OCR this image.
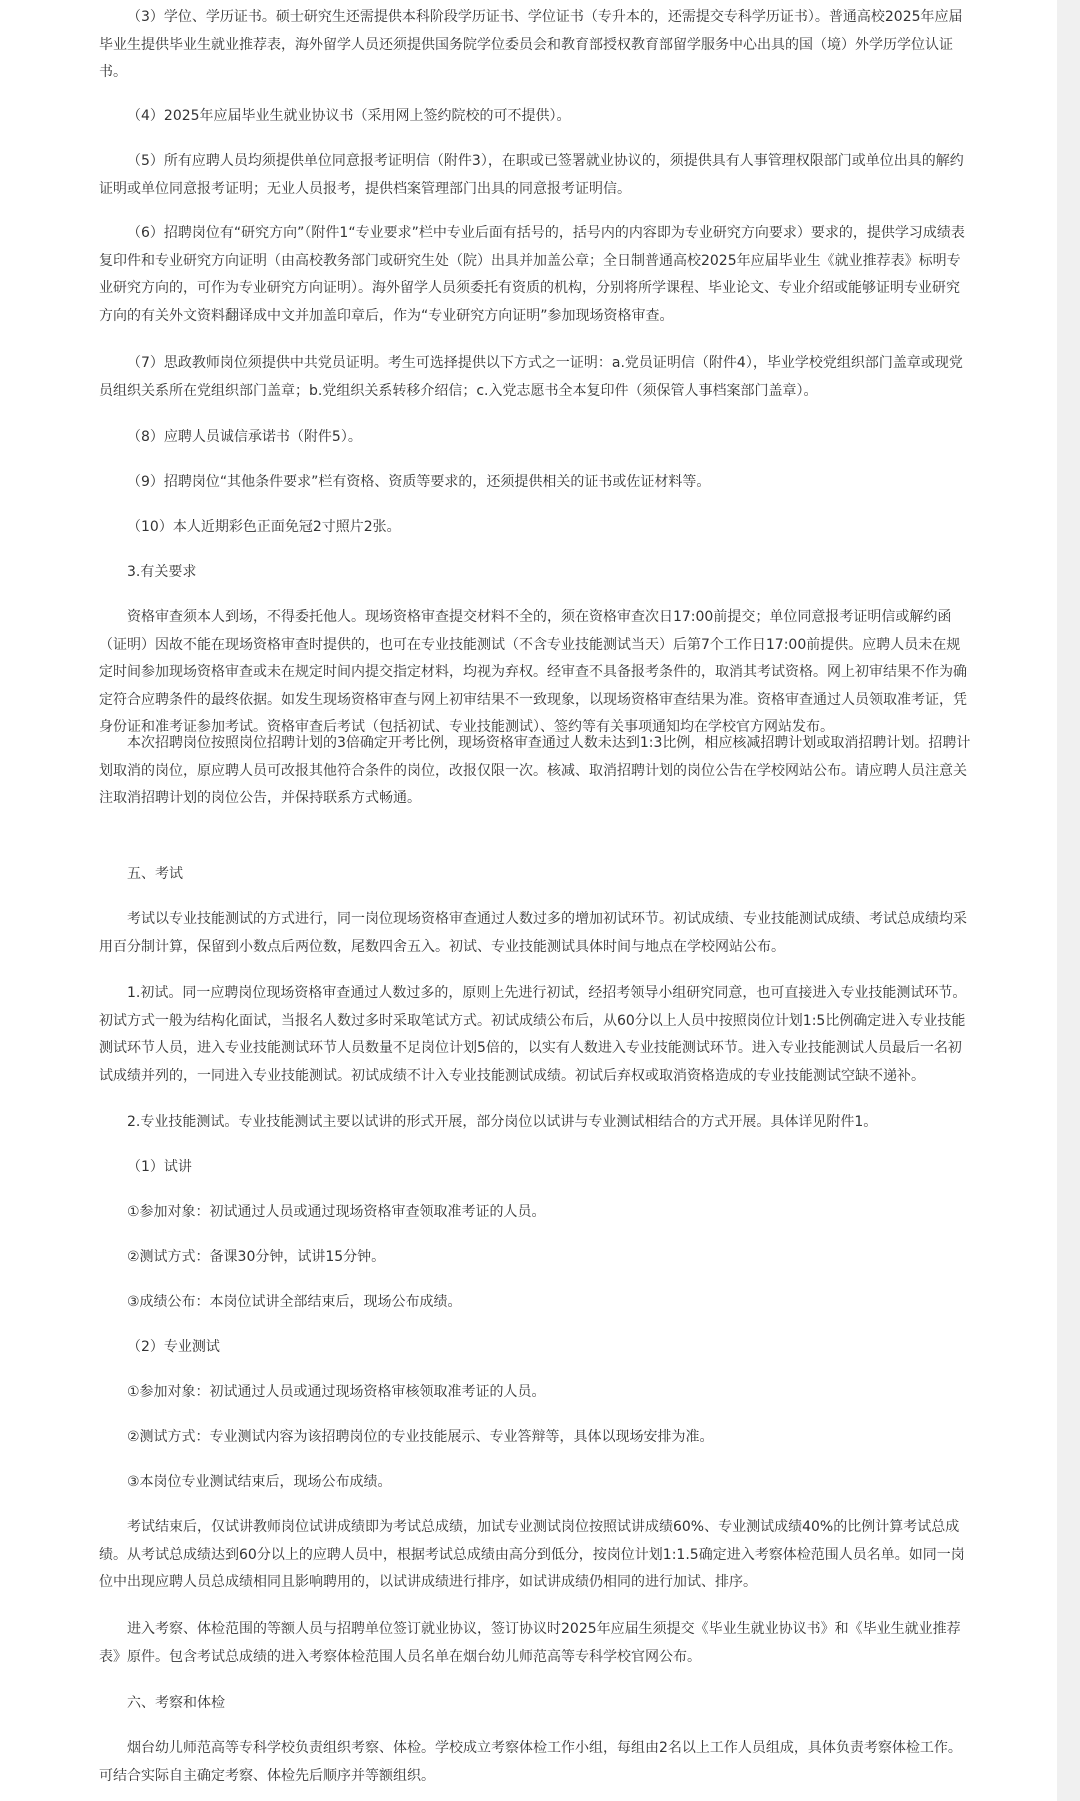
（3）学位、学历证书。硕士研究生还需提供本科阶段学历证书、学位证书（专升本的，还需提交专科学历证书）。普通高校2025年应届毕业生提供毕业生就业推荐表，海外留学人员还须提供国务院学位委员会和教育部授权教育部留学服务中心出具的国（境）外学历学位认证书。

（4）2025年应届毕业生就业协议书（采用网上签约院校的可不提供）。

（5）所有应聘人员均须提供单位同意报考证明信（附件3），在职或已签署就业协议的，须提供具有人事管理权限部门或单位出具的解约证明或单位同意报考证明；无业人员报考，提供档案管理部门出具的同意报考证明信。

（6）招聘岗位有“研究方向”（附件1“专业要求”栏中专业后面有括号的，括号内的内容即为专业研究方向要求）要求的，提供学习成绩表复印件和专业研究方向证明（由高校教务部门或研究生处（院）出具并加盖公章；全日制普通高校2025年应届毕业生《就业推荐表》标明专业研究方向的，可作为专业研究方向证明）。海外留学人员须委托有资质的机构，分别将所学课程、毕业论文、专业介绍或能够证明专业研究方向的有关外文资料翻译成中文并加盖印章后，作为“专业研究方向证明”参加现场资格审查。

（7）思政教师岗位须提供中共党员证明。考生可选择提供以下方式之一证明：a.党员证明信（附件4），毕业学校党组织部门盖章或现党员组织关系所在党组织部门盖章；b.党组织关系转移介绍信；c.入党志愿书全本复印件（须保管人事档案部门盖章）。

（8）应聘人员诚信承诺书（附件5）。

（9）招聘岗位“其他条件要求”栏有资格、资质等要求的，还须提供相关的证书或佐证材料等。

（10）本人近期彩色正面免冠2寸照片2张。

3.有关要求

资格审查须本人到场，不得委托他人。现场资格审查提交材料不全的，须在资格审查次日17:00前提交；单位同意报考证明信或解约函（证明）因故不能在现场资格审查时提供的，也可在专业技能测试（不含专业技能测试当天）后第7个工作日17:00前提供。应聘人员未在规定时间参加现场资格审查或未在规定时间内提交指定材料，均视为弃权。经审查不具备报考条件的，取消其考试资格。网上初审结果不作为确定符合应聘条件的最终依据。如发生现场资格审查与网上初审结果不一致现象，以现场资格审查结果为准。资格审查通过人员领取准考证，凭身份证和准考证参加考试。资格审查后考试（包括初试、专业技能测试）、签约等有关事项通知均在学校官方网站发布。

本次招聘岗位按照岗位招聘计划的3倍确定开考比例，现场资格审查通过人数未达到1:3比例，相应核减招聘计划或取消招聘计划。招聘计划取消的岗位，原应聘人员可改报其他符合条件的岗位，改报仅限一次。核减、取消招聘计划的岗位公告在学校网站公布。请应聘人员注意关注取消招聘计划的岗位公告，并保持联系方式畅通。

五、考试

考试以专业技能测试的方式进行，同一岗位现场资格审查通过人数过多的增加初试环节。初试成绩、专业技能测试成绩、考试总成绩均采用百分制计算，保留到小数点后两位数，尾数四舍五入。初试、专业技能测试具体时间与地点在学校网站公布。

1.初试。同一应聘岗位现场资格审查通过人数过多的，原则上先进行初试，经招考领导小组研究同意，也可直接进入专业技能测试环节。初试方式一般为结构化面试，当报名人数过多时采取笔试方式。初试成绩公布后，从60分以上人员中按照岗位计划1:5比例确定进入专业技能测试环节人员，进入专业技能测试环节人员数量不足岗位计划5倍的，以实有人数进入专业技能测试环节。进入专业技能测试人员最后一名初试成绩并列的，一同进入专业技能测试。初试成绩不计入专业技能测试成绩。初试后弃权或取消资格造成的专业技能测试空缺不递补。

2.专业技能测试。专业技能测试主要以试讲的形式开展，部分岗位以试讲与专业测试相结合的方式开展。具体详见附件1。

（1）试讲

①参加对象：初试通过人员或通过现场资格审查领取准考证的人员。

②测试方式：备课30分钟，试讲15分钟。

③成绩公布：本岗位试讲全部结束后，现场公布成绩。

（2）专业测试

①参加对象：初试通过人员或通过现场资格审核领取准考证的人员。

②测试方式：专业测试内容为该招聘岗位的专业技能展示、专业答辩等，具体以现场安排为准。

③本岗位专业测试结束后，现场公布成绩。

考试结束后，仅试讲教师岗位试讲成绩即为考试总成绩，加试专业测试岗位按照试讲成绩60%、专业测试成绩40%的比例计算考试总成绩。从考试总成绩达到60分以上的应聘人员中，根据考试总成绩由高分到低分，按岗位计划1:1.5确定进入考察体检范围人员名单。如同一岗位中出现应聘人员总成绩相同且影响聘用的，以试讲成绩进行排序，如试讲成绩仍相同的进行加试、排序。

进入考察、体检范围的等额人员与招聘单位签订就业协议，签订协议时2025年应届生须提交《毕业生就业协议书》和《毕业生就业推荐表》原件。包含考试总成绩的进入考察体检范围人员名单在烟台幼儿师范高等专科学校官网公布。

六、考察和体检

烟台幼儿师范高等专科学校负责组织考察、体检。学校成立考察体检工作小组，每组由2名以上工作人员组成，具体负责考察体检工作。可结合实际自主确定考察、体检先后顺序并等额组织。
